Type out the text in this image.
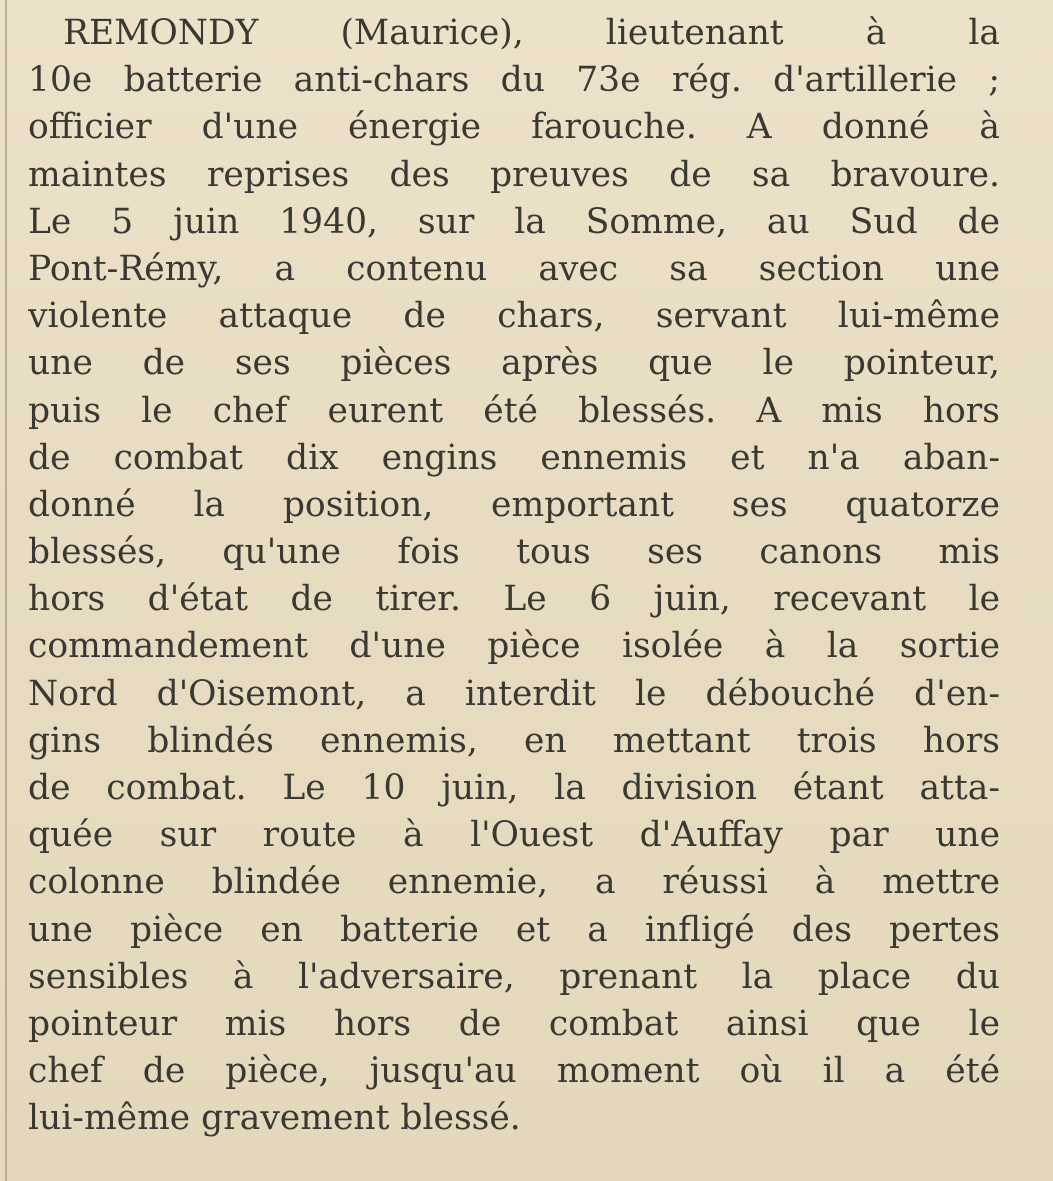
REMONDY (Maurice), lieutenant à la
10e batterie anti-chars du 73e rég. d'artillerie ;
officier d'une énergie farouche. A donné à
maintes reprises des preuves de sa bravoure.
Le 5 juin 1940, sur la Somme, au Sud de
Pont-Rémy, a contenu avec sa section une
violente attaque de chars, servant lui-même
une de ses pièces après que le pointeur,
puis le chef eurent été blessés. A mis hors
de combat dix engins ennemis et n'a aban-
donné la position, emportant ses quatorze
blessés, qu'une fois tous ses canons mis
hors d'état de tirer. Le 6 juin, recevant le
commandement d'une pièce isolée à la sortie
Nord d'Oisemont, a interdit le débouché d'en-
gins blindés ennemis, en mettant trois hors
de combat. Le 10 juin, la division étant atta-
quée sur route à l'Ouest d'Auffay par une
colonne blindée ennemie, a réussi à mettre
une pièce en batterie et a infligé des pertes
sensibles à l'adversaire, prenant la place du
pointeur mis hors de combat ainsi que le
chef de pièce, jusqu'au moment où il a été
lui-même gravement blessé.
